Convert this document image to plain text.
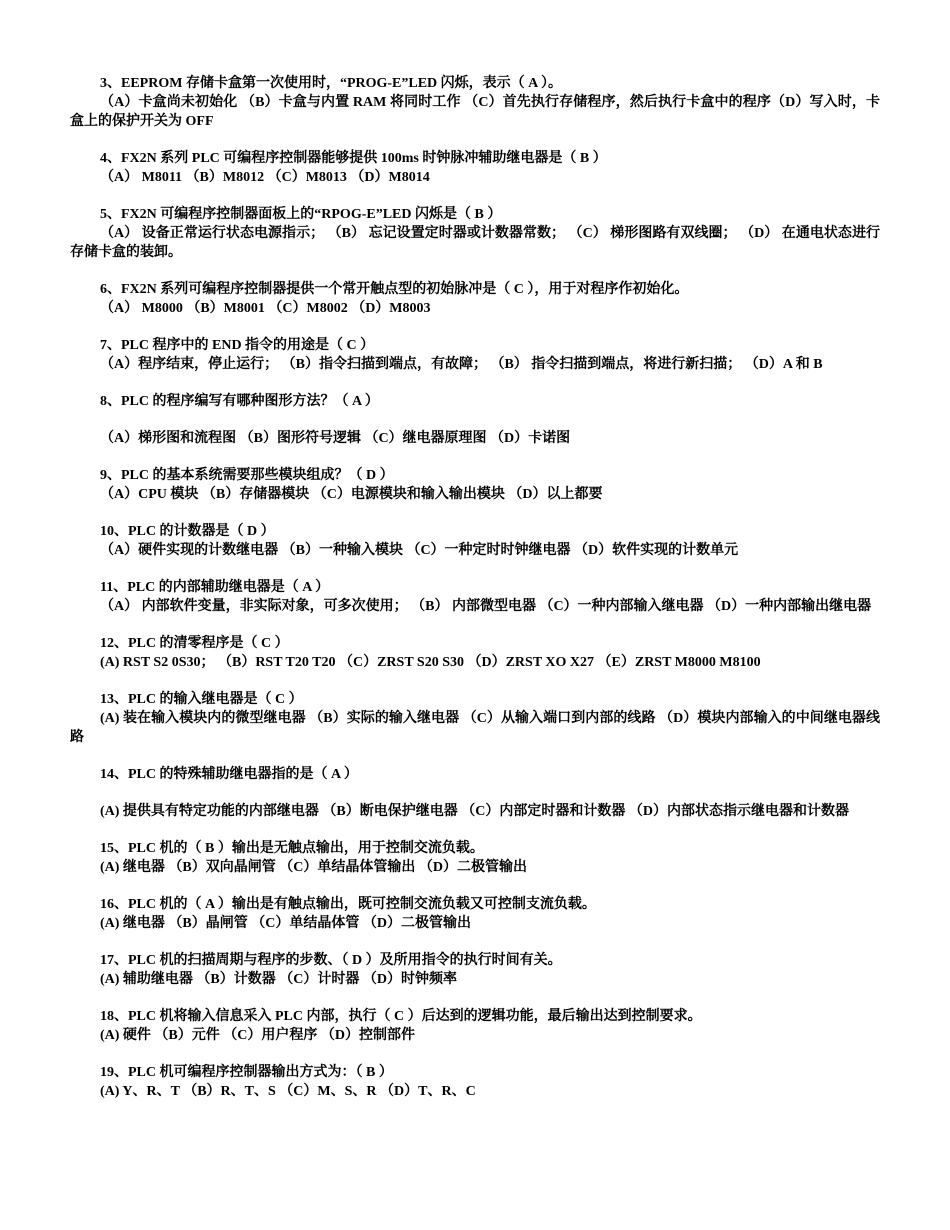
3、EEPROM 存储卡盒第一次使用时，“PROG-E”LED 闪烁，表示（ A ）。
（A）卡盒尚未初始化 （B）卡盒与内置 RAM 将同时工作 （C）首先执行存储程序，然后执行卡盒中的程序（D）写入时，卡盒上的保护开关为 OFF
4、FX2N 系列 PLC 可编程序控制器能够提供 100ms 时钟脉冲辅助继电器是（ B ）
（A） M8011 （B）M8012 （C）M8013 （D）M8014
5、FX2N 可编程序控制器面板上的“RPOG-E”LED 闪烁是（ B ）
（A） 设备正常运行状态电源指示； （B） 忘记设置定时器或计数器常数； （C） 梯形图路有双线圈； （D） 在通电状态进行存储卡盒的装卸。
6、FX2N 系列可编程序控制器提供一个常开触点型的初始脉冲是（ C ），用于对程序作初始化。
（A） M8000 （B）M8001 （C）M8002 （D）M8003
7、PLC 程序中的 END 指令的用途是（ C ）
（A）程序结束，停止运行； （B）指令扫描到端点，有故障； （B） 指令扫描到端点，将进行新扫描； （D）A 和 B
8、PLC 的程序编写有哪种图形方法？（ A ）
（A）梯形图和流程图 （B）图形符号逻辑 （C）继电器原理图 （D）卡诺图
9、PLC 的基本系统需要那些模块组成？（ D ）
（A）CPU 模块 （B）存储器模块 （C）电源模块和输入输出模块 （D）以上都要
10、PLC 的计数器是（ D ）
（A）硬件实现的计数继电器 （B）一种输入模块 （C）一种定时时钟继电器 （D）软件实现的计数单元
11、PLC 的内部辅助继电器是（ A ）
（A） 内部软件变量，非实际对象，可多次使用； （B） 内部微型电器 （C）一种内部输入继电器 （D）一种内部输出继电器
12、PLC 的清零程序是（ C ）
(A) RST S2 0S30； （B）RST T20 T20 （C）ZRST S20 S30 （D）ZRST XO X27 （E）ZRST M8000 M8100
13、PLC 的输入继电器是（ C ）
(A) 装在输入模块内的微型继电器 （B）实际的输入继电器 （C）从输入端口到内部的线路 （D）模块内部输入的中间继电器线路
14、PLC 的特殊辅助继电器指的是（ A ）
(A) 提供具有特定功能的内部继电器 （B）断电保护继电器 （C）内部定时器和计数器 （D）内部状态指示继电器和计数器
15、PLC 机的（ B ）输出是无触点输出，用于控制交流负载。
(A) 继电器 （B）双向晶闸管 （C）单结晶体管输出 （D）二极管输出
16、PLC 机的（ A ）输出是有触点输出，既可控制交流负载又可控制支流负载。
(A) 继电器 （B）晶闸管 （C）单结晶体管 （D）二极管输出
17、PLC 机的扫描周期与程序的步数、（ D ）及所用指令的执行时间有关。
(A) 辅助继电器 （B）计数器 （C）计时器 （D）时钟频率
18、PLC 机将输入信息采入 PLC 内部，执行（ C ）后达到的逻辑功能，最后输出达到控制要求。
(A) 硬件 （B）元件 （C）用户程序 （D）控制部件
19、PLC 机可编程序控制器输出方式为：（ B ）
(A) Y、R、T （B）R、T、S （C）M、S、R （D）T、R、C
